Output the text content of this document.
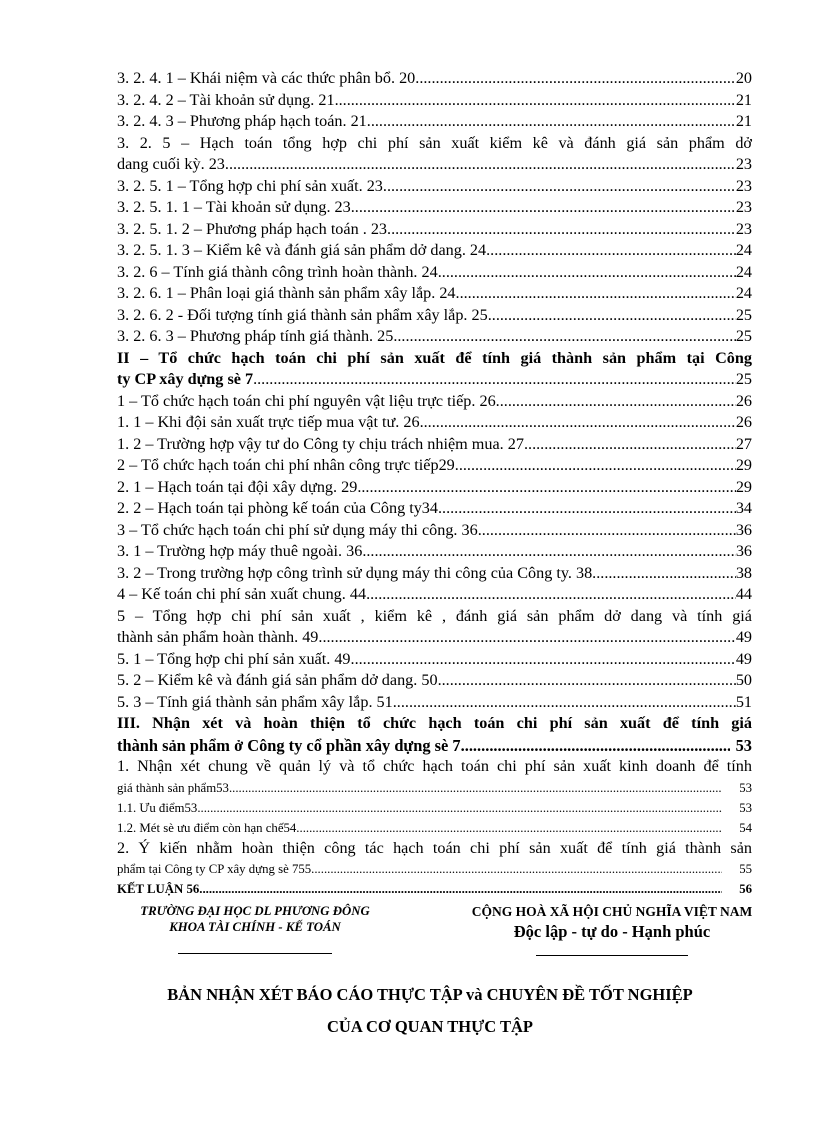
3. 2. 4. 1 – Khái niệm và các thức phân bổ. 20 .....	20
3. 2. 4. 2 – Tài khoản sử dụng. 21 .....	21
3. 2. 4. 3 – Phương pháp hạch toán. 21 .....	21
3. 2. 5 – Hạch toán tổng hợp chi phí sản xuất kiểm kê và đánh giá sản phẩm dở
dang cuối kỳ. 23 .....	23
3. 2. 5. 1 – Tổng hợp chi phí sản xuất. 23 .....	23
3. 2. 5. 1. 1 – Tài khoản sử dụng. 23 .....	23
3. 2. 5. 1. 2 – Phương pháp hạch toán . 23 .....	23
3. 2. 5. 1. 3 – Kiểm kê và đánh giá sản phẩm dở dang. 24 .....	24
3. 2. 6 – Tính giá thành công trình hoàn thành. 24 .....	24
3. 2. 6. 1 – Phân loại giá thành sản phẩm xây lắp. 24 .....	24
3. 2. 6. 2 - Đối tượng tính giá thành sản phẩm xây lắp. 25 .....	25
3. 2. 6. 3 – Phương pháp tính giá thành. 25 .....	25
II – Tổ chức hạch toán chi phí sản xuất để tính giá thành sản phẩm tại Công
ty CP xây dựng sè 7 .....	25
1 – Tổ chức hạch toán chi phí nguyên vật liệu trực tiếp. 26 .....	26
1. 1 – Khi đội sản xuất trực tiếp mua vật tư. 26 .....	26
1. 2 – Trường hợp vậy tư do Công ty chịu trách nhiệm mua. 27 .....	27
2 – Tổ chức hạch toán chi phí nhân công trực tiếp29 .....	29
2. 1 – Hạch toán tại đội xây dựng. 29 .....	29
2. 2 – Hạch toán tại phòng kế toán của Công ty34 .....	34
3 – Tổ chức hạch toán chi phí sử dụng máy thi công. 36 .....	36
3. 1 – Trường hợp máy thuê ngoài. 36 .....	36
3. 2 – Trong trường hợp công trình sử dụng máy thi công của Công ty. 38 .....	38
4 – Kế toán chi phí sản xuất chung. 44 .....	44
5 – Tổng hợp chi phí sản xuất , kiểm kê , đánh giá sản phẩm dở dang và tính giá
thành sản phẩm hoàn thành. 49 .....	49
5. 1 – Tổng hợp chi phí sản xuất. 49 .....	49
5. 2 – Kiểm kê và đánh giá sản phẩm dở dang. 50 .....	50
5. 3 – Tính giá thành sản phẩm xây lắp. 51 .....	51
III. Nhận xét và hoàn thiện tổ chức hạch toán chi phí sản xuất để tính giá
thành sản phẩm ở Công ty cổ phần xây dựng sè 7 .....	53
1. Nhận xét chung về quản lý và tổ chức hạch toán chi phí sản xuất kinh doanh để tính
giá thành sản phẩm53 .....	53
1.1. Ưu điểm53 .....	53
1.2. Mét sè ưu điểm còn hạn chế54 .....	54
2. Ý kiến nhằm hoàn thiện công tác hạch toán chi phí sản xuất để tính giá thành sản
phẩm tại Công ty CP xây dựng sè 755 .....	55
KẾT LUẬN 56 .....	56
TRƯỜNG ĐẠI HỌC DL PHƯƠNG ĐÔNG
KHOA TÀI CHÍNH - KẾ TOÁN
CỘNG HOÀ XÃ HỘI CHỦ NGHĨA VIỆT NAM
Độc lập - tự do - Hạnh phúc
BẢN NHẬN XÉT BÁO CÁO THỰC TẬP và CHUYÊN ĐỀ TỐT NGHIỆP
CỦA CƠ QUAN THỰC TẬP
